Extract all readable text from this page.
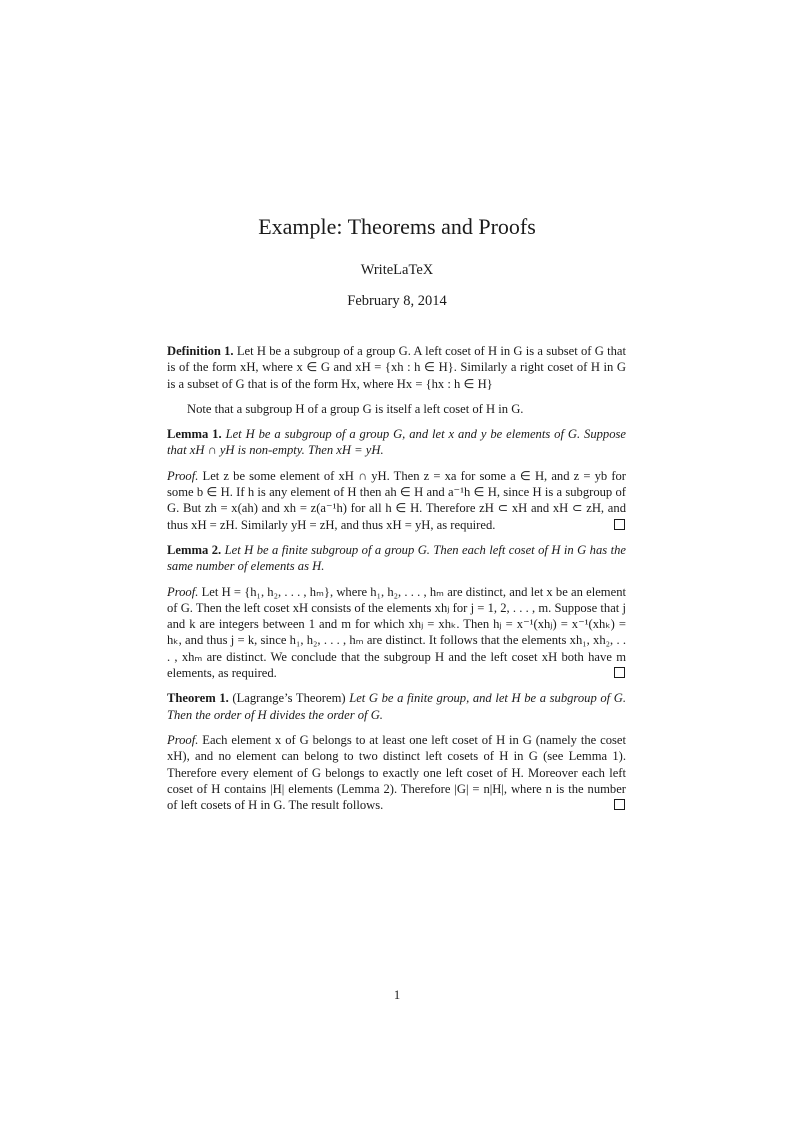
Example: Theorems and Proofs
WriteLaTeX
February 8, 2014

Definition 1. Let H be a subgroup of a group G. A left coset of H in G is a subset of G that is of the form xH, where x ∈ G and xH = {xh : h ∈ H}. Similarly a right coset of H in G is a subset of G that is of the form Hx, where Hx = {hx : h ∈ H}

Note that a subgroup H of a group G is itself a left coset of H in G.

Lemma 1. Let H be a subgroup of a group G, and let x and y be elements of G. Suppose that xH ∩ yH is non-empty. Then xH = yH.

Proof. Let z be some element of xH ∩ yH. Then z = xa for some a ∈ H, and z = yb for some b ∈ H. If h is any element of H then ah ∈ H and a⁻¹h ∈ H, since H is a subgroup of G. But zh = x(ah) and xh = z(a⁻¹h) for all h ∈ H. Therefore zH ⊂ xH and xH ⊂ zH, and thus xH = zH. Similarly yH = zH, and thus xH = yH, as required.

Lemma 2. Let H be a finite subgroup of a group G. Then each left coset of H in G has the same number of elements as H.

Proof. Let H = {h₁, h₂, . . . , hₘ}, where h₁, h₂, . . . , hₘ are distinct, and let x be an element of G. Then the left coset xH consists of the elements xhⱼ for j = 1, 2, . . . , m. Suppose that j and k are integers between 1 and m for which xhⱼ = xhₖ. Then hⱼ = x⁻¹(xhⱼ) = x⁻¹(xhₖ) = hₖ, and thus j = k, since h₁, h₂, . . . , hₘ are distinct. It follows that the elements xh₁, xh₂, . . . , xhₘ are distinct. We conclude that the subgroup H and the left coset xH both have m elements, as required.

Theorem 1. (Lagrange’s Theorem) Let G be a finite group, and let H be a subgroup of G. Then the order of H divides the order of G.

Proof. Each element x of G belongs to at least one left coset of H in G (namely the coset xH), and no element can belong to two distinct left cosets of H in G (see Lemma 1). Therefore every element of G belongs to exactly one left coset of H. Moreover each left coset of H contains |H| elements (Lemma 2). Therefore |G| = n|H|, where n is the number of left cosets of H in G. The result follows.

1
